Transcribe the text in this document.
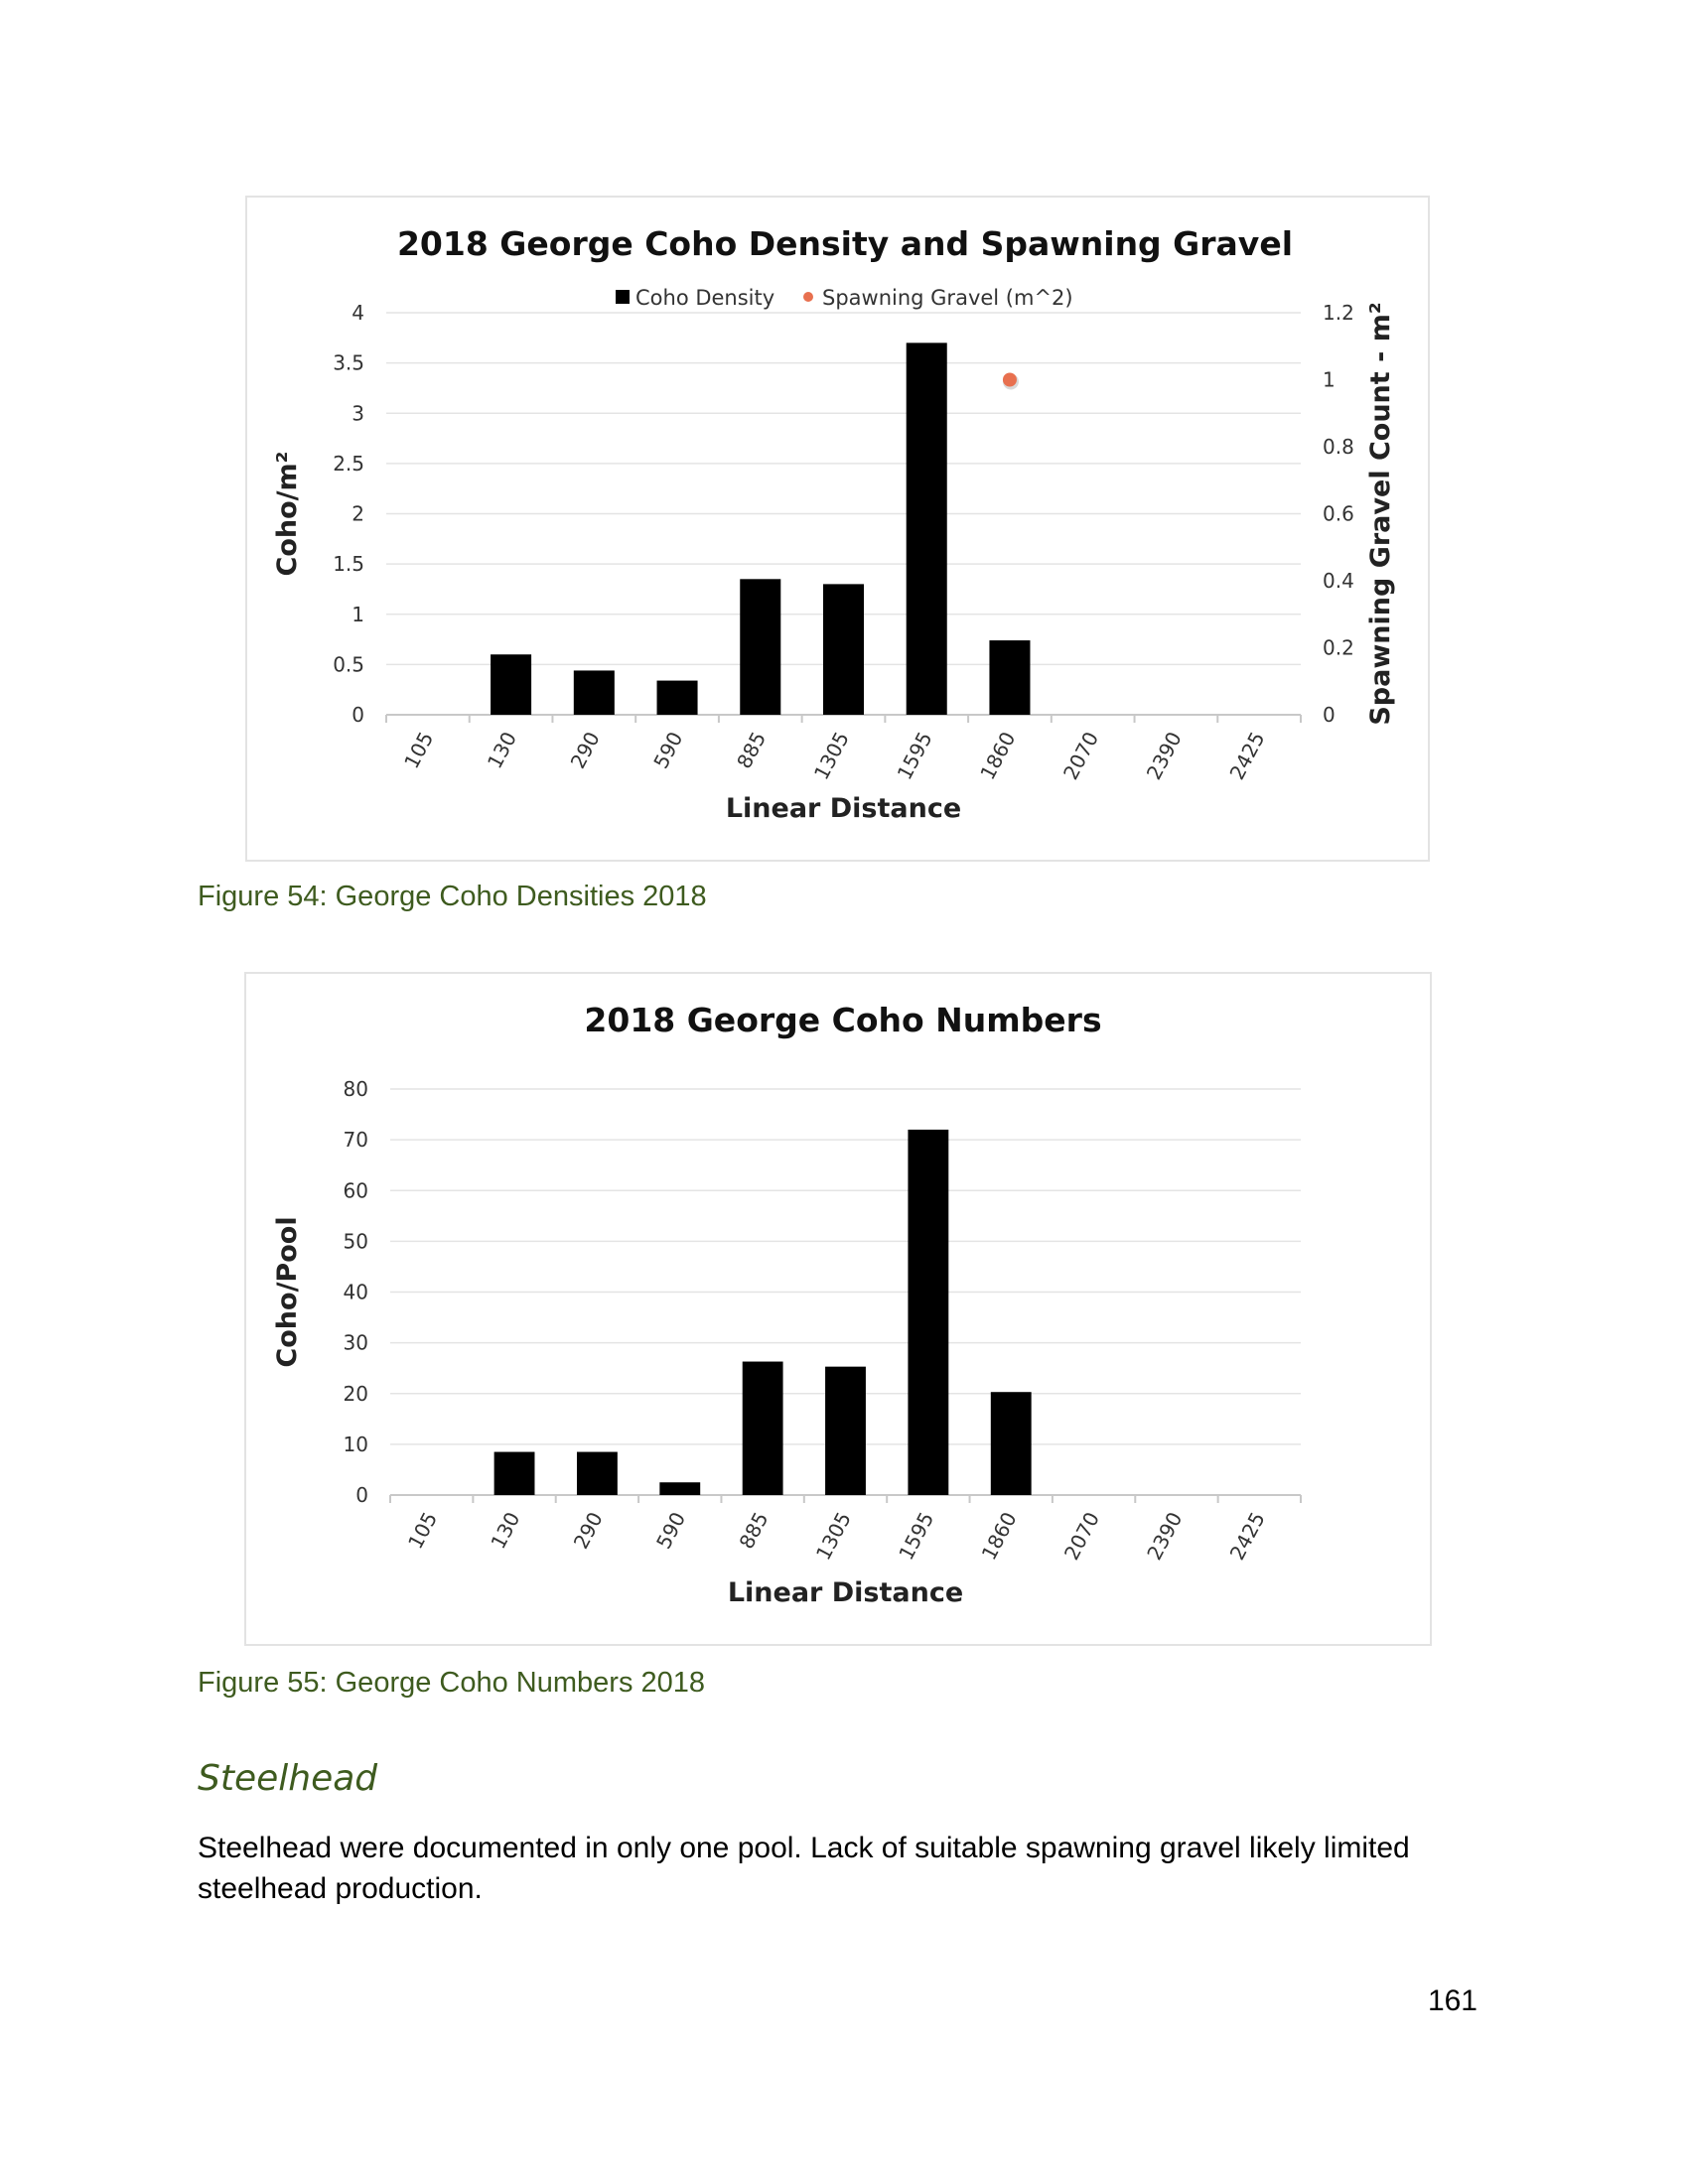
2018 George Coho Density and Spawning Gravel
0
0.5
1
1.5
2
2.5
3
3.5
4
0
0.2
0.4
0.6
0.8
1
1.2
105 130 290 590 885 1305 1595 1860 2070 2390 2425
Linear Distance
Coho/m²	Spawning Gravel Count - m²
Coho Density Spawning Gravel (m^2)

Figure 54: George Coho Densities 2018

2018 George Coho Numbers
0
10
20
30
40
50
60
70
80
105 130 290 590 885 1305 1595 1860 2070 2390 2425
Linear Distance
Coho/Pool

Figure 55: George Coho Numbers 2018

Steelhead

Steelhead were documented in only one pool. Lack of suitable spawning gravel likely limited steelhead production.

161
